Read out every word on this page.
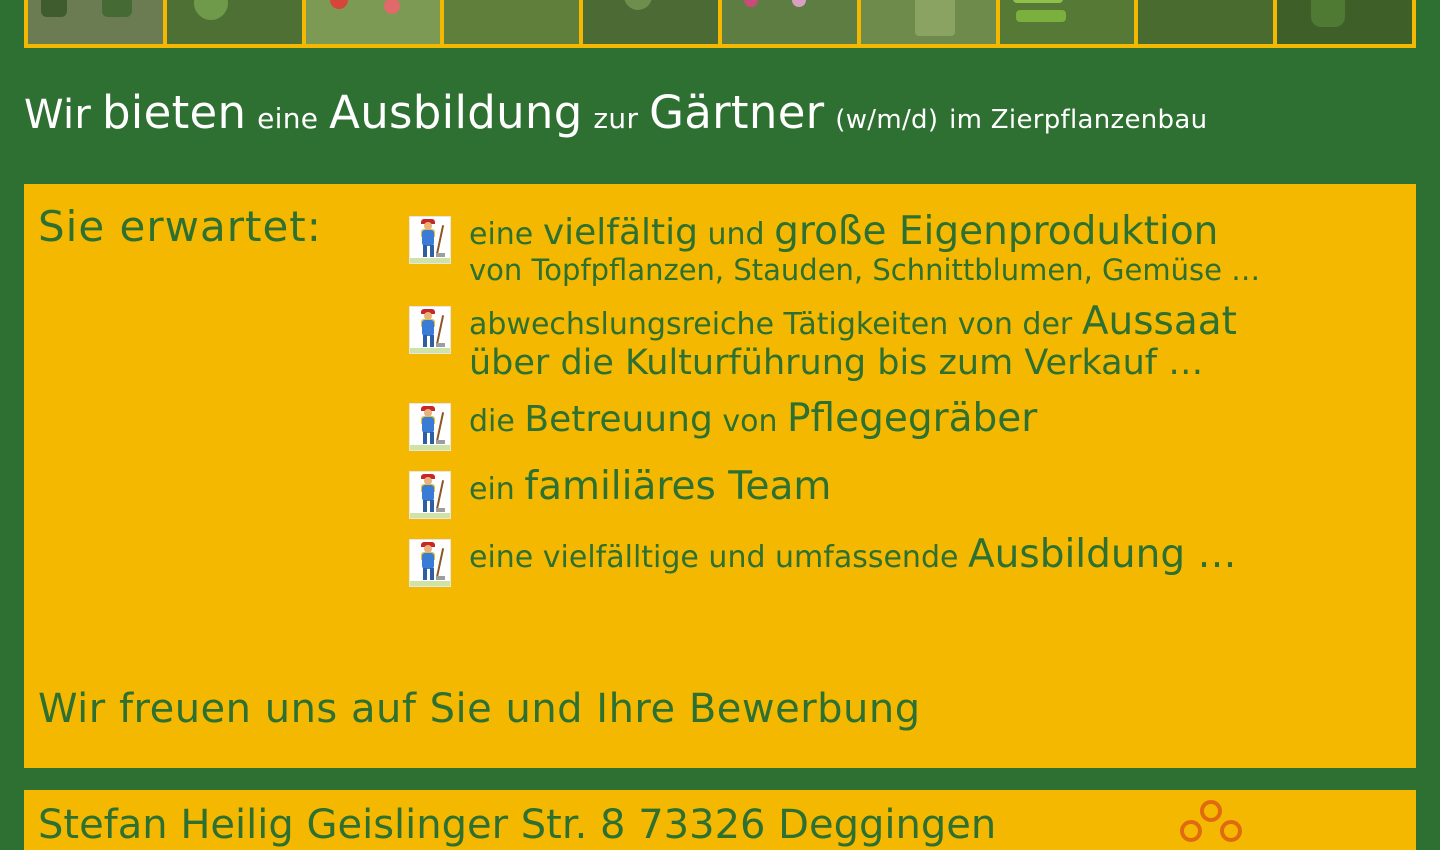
Wir bieten eine Ausbildung zur Gärtner (w/m/d) im Zierpflanzenbau
Sie erwartet:	eine vielfältig und große Eigenproduktion
von Topfpflanzen, Stauden, Schnittblumen, Gemüse …
abwechslungsreiche Tätigkeiten von der Aussaat
über die Kulturführung bis zum Verkauf …
die Betreuung von Pflegegräber
ein familiäres Team
eine vielfälltige und umfassende Ausbildung …
Wir freuen uns auf Sie und Ihre Bewerbung
Stefan Heilig Geislinger Str. 8 73326 Deggingen
